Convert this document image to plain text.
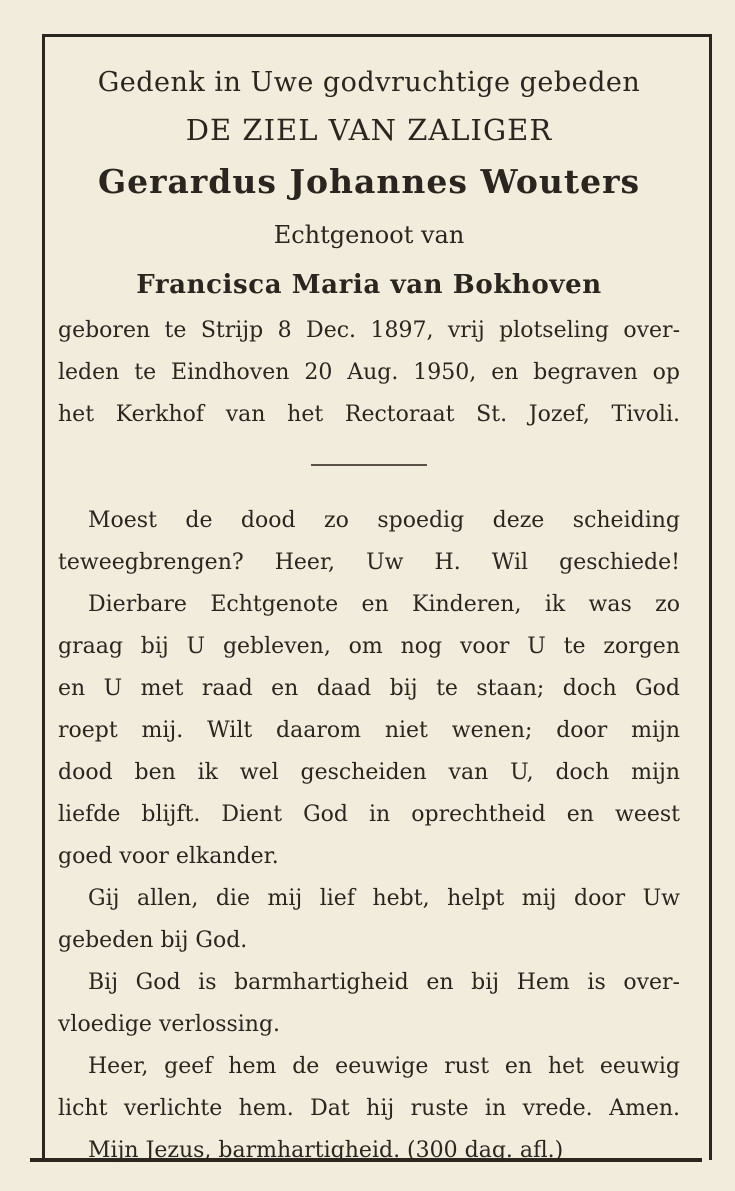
Gedenk in Uwe godvruchtige gebeden
DE ZIEL VAN ZALIGER
Gerardus Johannes Wouters
Echtgenoot van
Francisca Maria van Bokhoven
geboren te Strijp 8 Dec. 1897, vrij plotseling over-
leden te Eindhoven 20 Aug. 1950, en begraven op
het Kerkhof van het Rectoraat St. Jozef, Tivoli.
Moest de dood zo spoedig deze scheiding
teweegbrengen? Heer, Uw H. Wil geschiede!
Dierbare Echtgenote en Kinderen, ik was zo
graag bij U gebleven, om nog voor U te zorgen
en U met raad en daad bij te staan; doch God
roept mij. Wilt daarom niet wenen; door mijn
dood ben ik wel gescheiden van U, doch mijn
liefde blijft. Dient God in oprechtheid en weest
goed voor elkander.
Gij allen, die mij lief hebt, helpt mij door Uw
gebeden bij God.
Bij God is barmhartigheid en bij Hem is over-
vloedige verlossing.
Heer, geef hem de eeuwige rust en het eeuwig
licht verlichte hem. Dat hij ruste in vrede. Amen.
Mijn Jezus, barmhartigheid. (300 dag. afl.)
